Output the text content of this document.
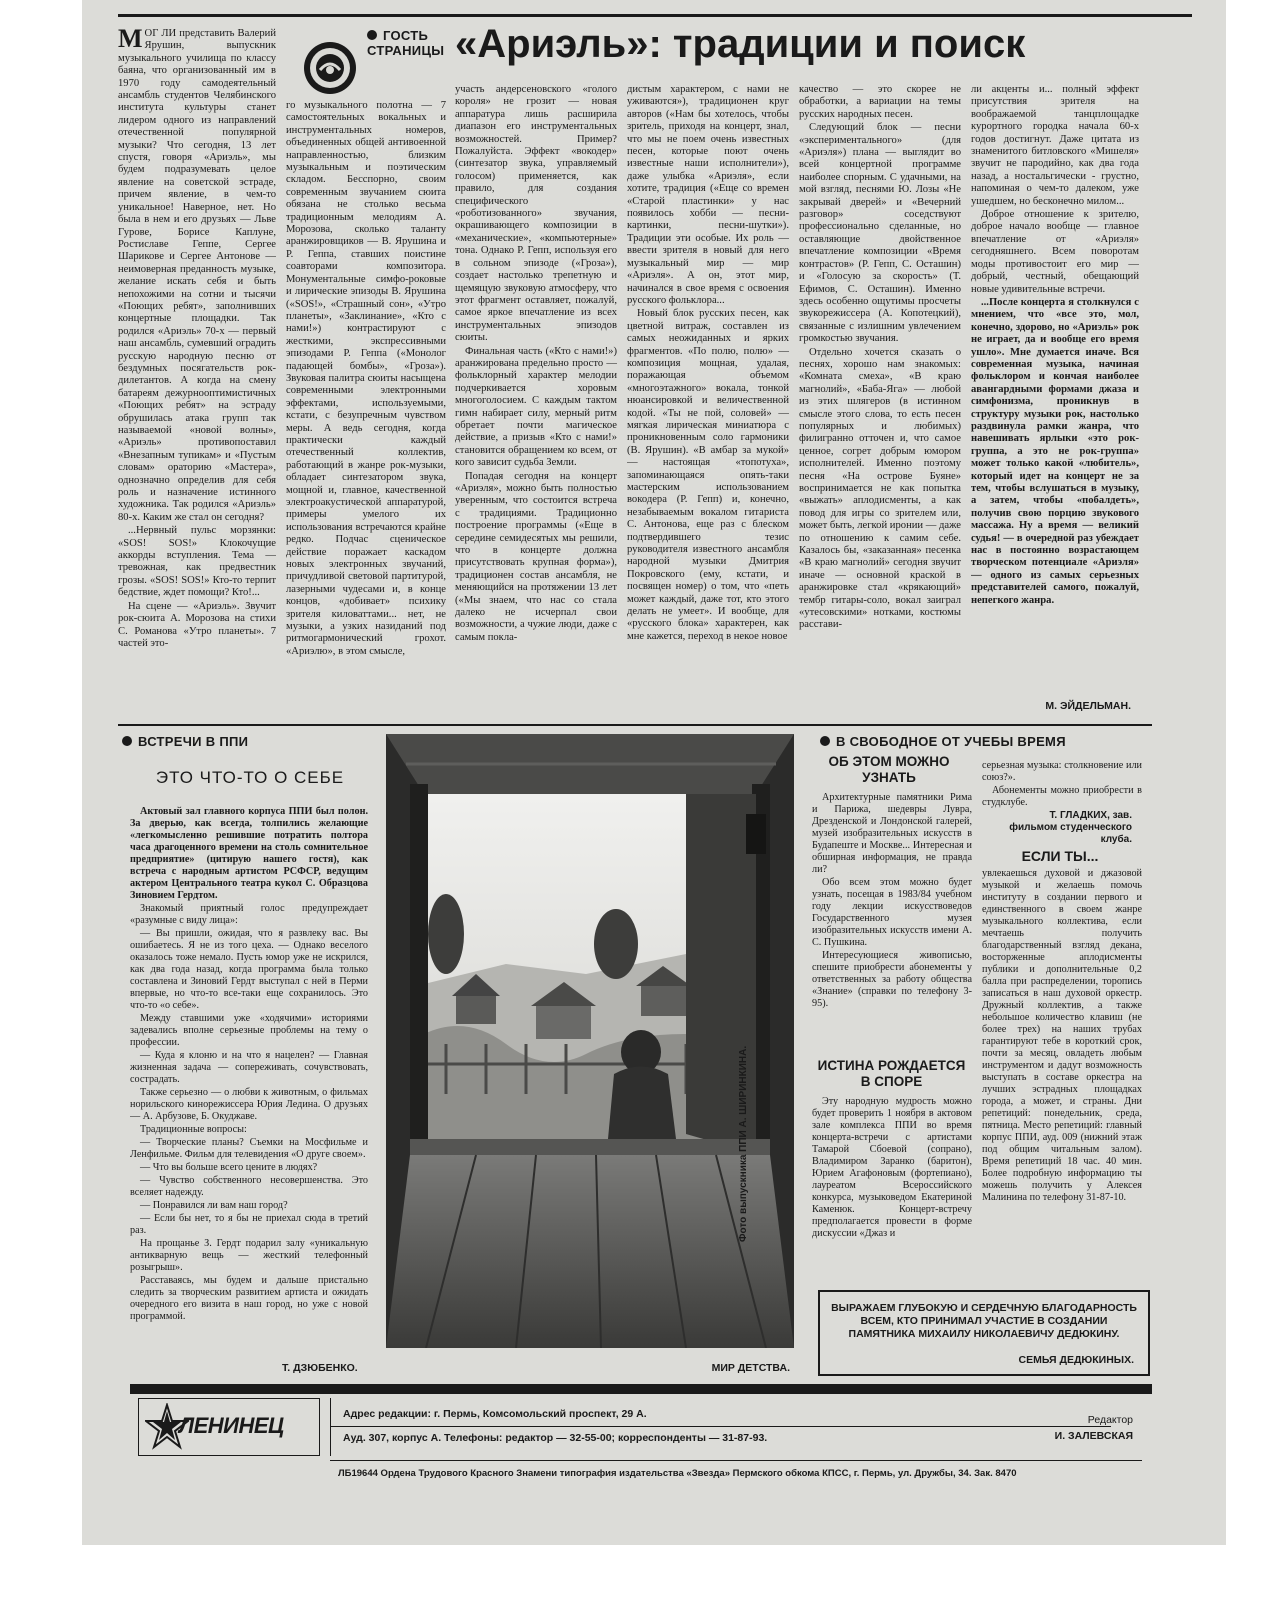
ГОСТЬ СТРАНИЦЫ «Ариэль»: традиции и поиск

МОГ ЛИ представить Валерий Ярушин, выпускник музыкального училища по классу баяна, что организованный им в 1970 году самодеятельный ансамбль студентов Челябинского института культуры станет лидером одного из направлений отечественной популярной музыки? Что сегодня, 13 лет спустя, говоря «Ариэль», мы будем подразумевать целое явление на советской эстраде, причем явление, в чем-то уникальное! Наверное, нет. Но была в нем и его друзьях — Льве Гурове, Борисе Каплуне, Ростиславе Геппе, Сергее Шарикове и Сергее Антонове — неимоверная преданность музыке, желание искать себя и быть непохожими на сотни и тысячи «Поющих ребят», заполнивших концертные площадки. Так родился «Ариэль» 70-х — первый наш ансамбль, сумевший оградить русскую народную песню от бездумных посягательств рок-дилетантов. А когда на смену батареям дежурнооптимистичных «Поющих ребят» на эстраду обрушилась атака групп так называемой «новой волны», «Ариэль» противопоставил «Внезапным тупикам» и «Пустым словам» ораторию «Мастера», однозначно определив для себя роль и назначение истинного художника. Так родился «Ариэль» 80-х. Каким же стал он сегодня?

...Нервный пульс морзянки: «SOS! SOS!» Клокочущие аккорды вступления. Тема — тревожная, как предвестник грозы. «SOS! SOS!» Кто-то терпит бедствие, ждет помощи? Кто!...

На сцене — «Ариэль». Звучит рок-сюита А. Морозова на стихи С. Романова «Утро планеты». 7 частей это-

го музыкального полотна — 7 самостоятельных вокальных и инструментальных номеров, объединенных общей антивоенной направленностью, близким музыкальным и поэтическим складом. Бесспорно, своим современным звучанием сюита обязана не столько весьма традиционным мелодиям А. Морозова, сколько таланту аранжировщиков — В. Ярушина и Р. Геппа, ставших поистине соавторами композитора. Монументальные симфо-роковые и лирические эпизоды В. Ярушина («SOS!», «Страшный сон», «Утро планеты», «Заклинание», «Кто с нами!») контрастируют с жесткими, экспрессивными эпизодами Р. Геппа («Монолог падающей бомбы», «Гроза»). Звуковая палитра сюиты насыщена современными электронными эффектами, используемыми, кстати, с безупречным чувством меры. А ведь сегодня, когда практически каждый отечественный коллектив, работающий в жанре рок-музыки, обладает синтезатором звука, мощной и, главное, качественной электроакустической аппаратурой, примеры умелого их использования встречаются крайне редко. Подчас сценическое действие поражает каскадом новых электронных звучаний, причудливой световой партитурой, лазерными чудесами и, в конце концов, «добивает» психику зрителя киловаттами... нет, не музыки, а узких назиданий под ритмогармонический грохот. «Ариэлю», в этом смысле,

участь андерсеновского «голого короля» не грозит — новая аппаратура лишь расширила диапазон его инструментальных возможностей. Пример? Пожалуйста. Эффект «вокодер» (синтезатор звука, управляемый голосом) применяется, как правило, для создания специфического «роботизованного» звучания, окрашивающего композиции в «механические», «компьютерные» тона. Однако Р. Гепп, используя его в сольном эпизоде («Гроза»), создает настолько трепетную и щемящую звуковую атмосферу, что этот фрагмент оставляет, пожалуй, самое яркое впечатление из всех инструментальных эпизодов сюиты.

Финальная часть («Кто с нами!») аранжирована предельно просто — фольклорный характер мелодии подчеркивается хоровым многоголосием. С каждым тактом гимн набирает силу, мерный ритм обретает почти магическое действие, а призыв «Кто с нами!» становится обращением ко всем, от кого зависит судьба Земли.

Попадая сегодня на концерт «Ариэля», можно быть полностью уверенным, что состоится встреча с традициями. Традиционно построение программы («Еще в середине семидесятых мы решили, что в концерте должна присутствовать крупная форма»), традиционен состав ансамбля, не меняющийся на протяжении 13 лет («Мы знаем, что нас со стала далеко не исчерпал свои возможности, а чужие люди, даже с самым покла-

дистым характером, с нами не уживаются»), традиционен круг авторов («Нам бы хотелось, чтобы зритель, приходя на концерт, знал, что мы не поем очень известных песен, которые поют очень известные наши исполнители»), даже улыбка «Ариэля», если хотите, традиция («Еще со времен «Старой пластинки» у нас появилось хобби — песни-картинки, песни-шутки»). Традиции эти особые. Их роль — ввести зрителя в новый для него музыкальный мир — мир «Ариэля». А он, этот мир, начинался в свое время с освоения русского фольклора...

Новый блок русских песен, как цветной витраж, составлен из самых неожиданных и ярких фрагментов. «По полю, полю» — композиция мощная, удалая, поражающая объемом «многоэтажного» вокала, тонкой нюансировкой и величественной кодой. «Ты не пой, соловей» — мягкая лирическая миниатюра с проникновенным соло гармоники (В. Ярушин). «В амбар за мукой» — настоящая «топотуха», запоминающаяся опять-таки мастерским использованием вокодера (Р. Гепп) и, конечно, незабываемым вокалом гитариста С. Антонова, еще раз с блеском подтвердившего тезис руководителя известного ансамбля народной музыки Дмитрия Покровского (ему, кстати, и посвящен номер) о том, что «петь может каждый, даже тот, кто этого делать не умеет». И вообще, для «русского блока» характерен, как мне кажется, переход в некое новое

качество — это скорее не обработки, а вариации на темы русских народных песен.

Следующий блок — песни «экспериментального» (для «Ариэля») плана — выглядит во всей концертной программе наиболее спорным. С удачными, на мой взгляд, песнями Ю. Лозы «Не закрывай дверей» и «Вечерний разговор» соседствуют профессионально сделанные, но оставляющие двойственное впечатление композиции «Время контрастов» (Р. Гепп, С. Осташин) и «Голосую за скорость» (Т. Ефимов, С. Осташин). Именно здесь особенно ощутимы просчеты звукорежиссера (А. Копотецкий), связанные с излишним увлечением громкостью звучания.

Отдельно хочется сказать о песнях, хорошо нам знакомых: «Комната смеха», «В краю магнолий», «Баба-Яга» — любой из этих шлягеров (в истинном смысле этого слова, то есть песен популярных и любимых) филигранно отточен и, что самое ценное, согрет добрым юмором исполнителей. Именно поэтому песня «На острове Буяне» воспринимается не как попытка «выжать» аплодисменты, а как повод для игры со зрителем или, может быть, легкой иронии — даже по отношению к самим себе. Казалось бы, «заказанная» песенка «В краю магнолий» сегодня звучит иначе — основной краской в аранжировке стал «крякающий» тембр гитары-соло, вокал заиграл «утесовскими» нотками, костюмы расстави-

ли акценты и... полный эффект присутствия зрителя на воображаемой танцплощадке курортного городка начала 60-х годов достигнут. Даже цитата из знаменитого битловского «Мишеля» звучит не пародийно, как два года назад, а ностальгически - грустно, напоминая о чем-то далеком, уже ушедшем, но бесконечно милом...

Доброе отношение к зрителю, доброе начало вообще — главное впечатление от «Ариэля» сегодняшнего. Всем поворотам моды противостоит его мир — добрый, честный, обещающий новые удивительные встречи.

...После концерта я столкнулся с мнением, что «все это, мол, конечно, здорово, но «Ариэль» рок не играет, да и вообще его время ушло». Мне думается иначе. Вся современная музыка, начиная фольклором и кончая наиболее авангардными формами джаза и симфонизма, проникнув в структуру музыки рок, настолько раздвинула рамки жанра, что навешивать ярлыки «это рок-группа, а это не рок-группа» может только какой «любитель», который идет на концерт не за тем, чтобы вслушаться в музыку, а затем, чтобы «побалдеть», получив свою порцию звукового массажа. Ну а время — великий судья! — в очередной раз убеждает нас в постоянно возрастающем творческом потенциале «Ариэля» — одного из самых серьезных представителей самого, пожалуй, непегкого жанра.

М. ЭЙДЕЛЬМАН.
ВСТРЕЧИ В ППИ
ЭТО ЧТО-ТО О СЕБЕ

Актовый зал главного корпуса ППИ был полон. За дверью, как всегда, толпились желающие «легкомысленно решившие потратить полтора часа драгоценного времени на столь сомнительное предприятие» (цитирую нашего гостя), как встреча с народным артистом РСФСР, ведущим актером Центрального театра кукол С. Образцова Зиновием Гердтом.

Знакомый приятный голос предупреждает «разумные с виду лица»:

— Вы пришли, ожидая, что я развлеку вас. Вы ошибаетесь. Я не из того цеха. — Однако веселого оказалось тоже немало. Пусть юмор уже не искрился, как два года назад, когда программа была только составлена и Зиновий Гердт выступал с ней в Перми впервые, но что-то все-таки еще сохранилось. Это что-то «о себе».

Между ставшими уже «ходячими» историями задевались вполне серьезные проблемы на тему о профессии.

— Куда я клоню и на что я нацелен? — Главная жизненная задача — сопереживать, сочувствовать, сострадать.

Также серьезно — о любви к животным, о фильмах норильского кинорежиссера Юрия Ледина. О друзьях — А. Арбузове, Б. Окуджаве.

Традиционные вопросы:

— Творческие планы? Съемки на Мосфильме и Ленфильме. Фильм для телевидения «О друге своем».

— Что вы больше всего цените в людях?

— Чувство собственного несовершенства. Это вселяет надежду.

— Понравился ли вам наш город?

— Если бы нет, то я бы не приехал сюда в третий раз.

На прощанье З. Гердт подарил залу «уникальную антикварную вещь — жесткий телефонный розыгрыш».

Расставаясь, мы будем и дальше пристально следить за творческим развитием артиста и ожидать очередного его визита в наш город, но уже с новой программой.

Т. ДЗЮБЕНКО.	МИР ДЕТСТВА.
Фото выпускника ППИ А. ШИРИНКИНА.
В СВОБОДНОЕ ОТ УЧЕБЫ ВРЕМЯ
ОБ ЭТОМ МОЖНО УЗНАТЬ

Архитектурные памятники Рима и Парижа, шедевры Лувра, Дрезденской и Лондонской галерей, музей изобразительных искусств в Будапеште и Москве... Интересная и обширная информация, не правда ли?

Обо всем этом можно будет узнать, посещая в 1983/84 учебном году лекции искусствоведов Государственного музея изобразительных искусств имени А. С. Пушкина.

Интересующиеся живописью, спешите приобрести абонементы у ответственных за работу общества «Знание» (справки по телефону 3-95).

ИСТИНА РОЖДАЕТСЯ В СПОРЕ

Эту народную мудрость можно будет проверить 1 ноября в актовом зале комплекса ППИ во время концерта-встречи с артистами Тамарой Сбоевой (сопрано), Владимиром Заранко (баритон), Юрием Агафоновым (фортепиано), лауреатом Всероссийского конкурса, музыковедом Екатериной Каменюк. Концерт-встречу предполагается провести в форме дискуссии «Джаз и

серьезная музыка: столкновение или союз?».

Абонементы можно приобрести в студклубе.

Т. ГЛАДКИХ, зав. фильмом студенческого клуба.
ЕСЛИ ТЫ...

увлекаешься духовой и джазовой музыкой и желаешь помочь институту в создании первого и единственного в своем жанре музыкального коллектива, если мечтаешь получить благодарственный взгляд декана, восторженные аплодисменты публики и дополнительные 0,2 балла при распределении, торопись записаться в наш духовой оркестр. Дружный коллектив, а также небольшое количество клавиш (не более трех) на наших трубах гарантируют тебе в короткий срок, почти за месяц, овладеть любым инструментом и дадут возможность выступать в составе оркестра на лучших эстрадных площадках города, а может, и страны. Дни репетиций: понедельник, среда, пятница. Место репетиций: главный корпус ППИ, ауд. 009 (нижний этаж под общим читальным залом). Время репетиций 18 час. 40 мин. Более подробную информацию ты можешь получить у Алексея Малинина по телефону 31-87-10.

ВЫРАЖАЕМ ГЛУБОКУЮ И СЕРДЕЧНУЮ БЛАГОДАРНОСТЬ ВСЕМ, КТО ПРИНИМАЛ УЧАСТИЕ В СОЗДАНИИ ПАМЯТНИКА МИХАИЛУ НИКОЛАЕВИЧУ ДЕДЮКИНУ.
СЕМЬЯ ДЕДЮКИНЫХ.
ЛЕНИНЕЦ	Адрес редакции: г. Пермь, Комсомольский проспект, 29 А.
Ауд. 307, корпус А. Телефоны: редактор — 32-55-00; корреспонденты — 31-87-93.
Редактор
И. ЗАЛЕВСКАЯ
ЛБ19644 Ордена Трудового Красного Знамени типография издательства «Звезда» Пермского обкома КПСС, г. Пермь, ул. Дружбы, 34. Зак. 8470
